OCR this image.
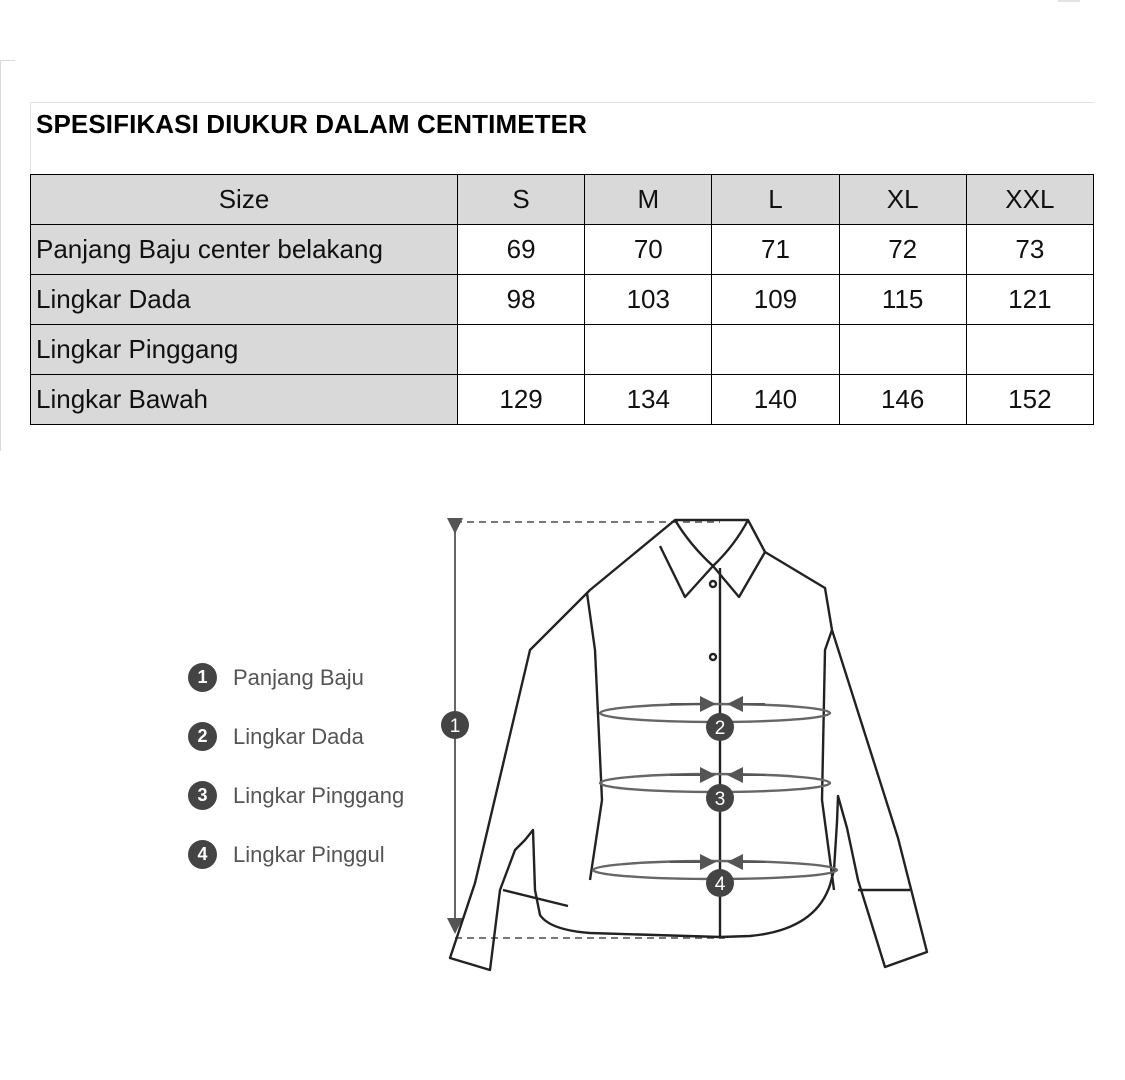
SPESIFIKASI DIUKUR DALAM CENTIMETER
Size	S	M	L	XL	XXL
Panjang Baju center belakang	69	70	71	72	73
Lingkar Dada	98	103	109	115	121
Lingkar Pinggang					
Lingkar Bawah	129	134	140	146	152
1	Panjang Baju
2	Lingkar Dada
3	Lingkar Pinggang
4	Lingkar Pinggul
1	2
3
4
